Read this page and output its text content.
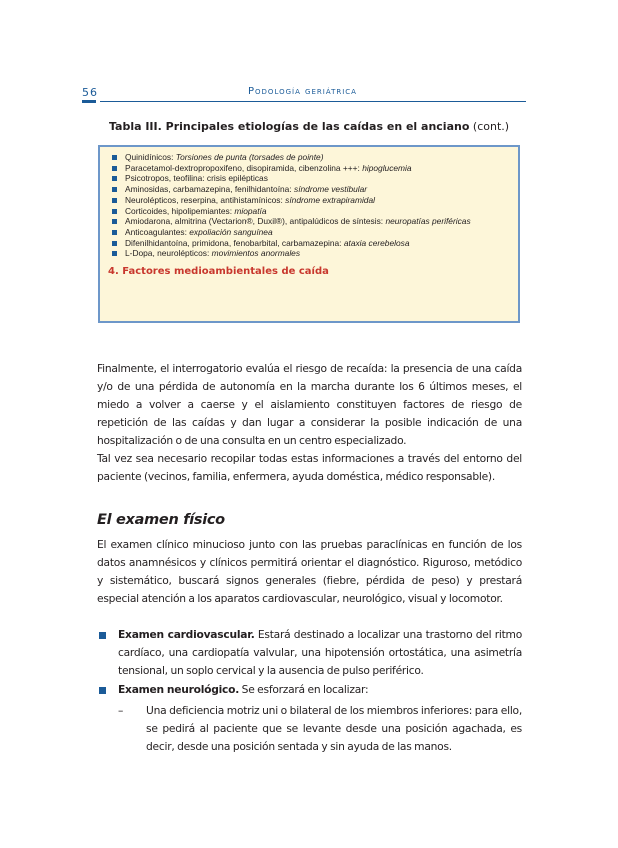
56	Podología geriátrica
Tabla III. Principales etiologías de las caídas en el anciano (cont.)
Quinidínicos: Torsiones de punta (torsades de pointe)
Paracetamol-dextropropoxifeno, disopiramida, cibenzolina +++: hipoglucemia
Psicotropos, teofilina: crisis epilépticas
Aminosidas, carbamazepina, fenilhidantoína: síndrome vestibular
Neurolépticos, reserpina, antihistamínicos: síndrome extrapiramidal
Corticoides, hipolipemiantes: miopatía
Amiodarona, almitrina (Vectarion®, Duxil®), antipalúdicos de síntesis: neuropatías periféricas
Anticoagulantes: expoliación sanguínea
Difenilhidantoína, primidona, fenobarbital, carbamazepina: ataxia cerebelosa
L-Dopa, neurolépticos: movimientos anormales
4. Factores medioambientales de caída

Finalmente, el interrogatorio evalúa el riesgo de recaída: la presencia de una caída y/o de una pérdida de autonomía en la marcha durante los 6 últimos meses, el miedo a volver a caerse y el aislamiento constituyen factores de riesgo de repetición de las caídas y dan lugar a considerar la posible indicación de una hospitalización o de una consulta en un centro especializado.

Tal vez sea necesario recopilar todas estas informaciones a través del entorno del paciente (vecinos, familia, enfermera, ayuda doméstica, médico responsable).

El examen físico

El examen clínico minucioso junto con las pruebas paraclínicas en función de los datos anamnésicos y clínicos permitirá orientar el diagnóstico. Riguroso, metódico y sistemático, buscará signos generales (fiebre, pérdida de peso) y prestará especial atención a los aparatos cardiovascular, neurológico, visual y locomotor.

Examen cardiovascular. Estará destinado a localizar una trastorno del ritmo cardíaco, una cardiopatía valvular, una hipotensión ortostática, una asimetría tensional, un soplo cervical y la ausencia de pulso periférico.
Examen neurológico. Se esforzará en localizar:
– Una deficiencia motriz uni o bilateral de los miembros inferiores: para ello, se pedirá al paciente que se levante desde una posición agachada, es decir, desde una posición sentada y sin ayuda de las manos.
